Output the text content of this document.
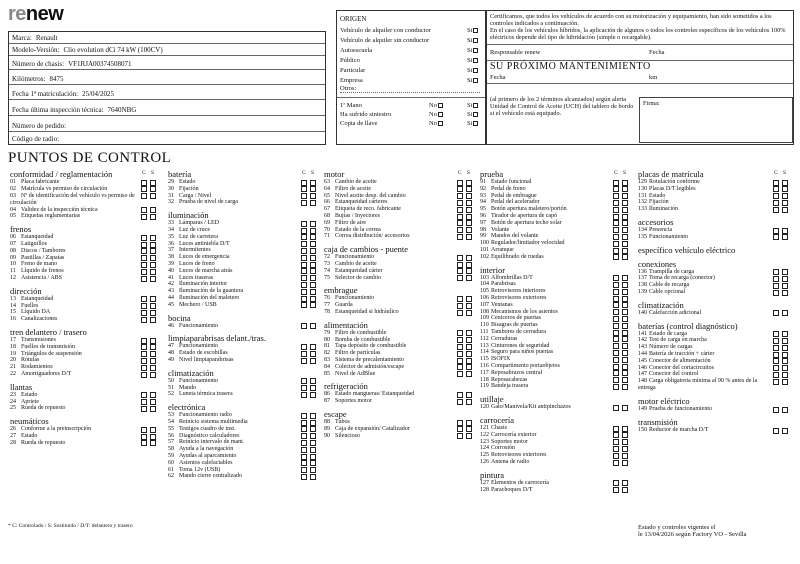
renew
Marca: Renault
Modelo-Versión: Clio evolution dCi 74 kW (100CV)
Número de chasis: VF1RJA00374508071
Kilómetros: 8475
Fecha 1ª matriculación: 25/04/2025
Fecha última inspección técnica: 7640NBG
Número de pedido:
Código de radio:
ORIGEN
Vehículo de alquiler con conductor	Si
Vehículo de alquiler sin conductor	Si
Autoescuela	Si
Público	Si
Particular	Si
Empresa	Si
Otros:
1ª Mano	No	Si
Ha sufrido siniestro	No	Si
Copia de llave	No	Si
Certificamos, que todos los vehículos de acuerdo con su motorización y equipamiento, han sido sometidos a los controles indicados a continuación.
En el caso de los vehículos híbridos, la aplicación de algunos o todos los controles específicos de los vehículos 100% eléctricos depende del tipo de hibridación (simple o recargable).
Responsable renew	Fecha
SU PRÓXIMO MANTENIMIENTO
Fecha	km
(al primero de los 2 términos alcanzados) según alerta Unidad de Control de Aceite (UCH) del tablero de bordo si el vehículo está equipado.
Firma:
PUNTOS DE CONTROL
conformidad / reglamentación	C S
01 Placa fabricante
02 Matrícula vs permiso de circulación
03 Nº de identificación del vehículo vs permiso de circulación
04 Validez de la inspección técnica
05 Etiquetas reglamentarias
frenos
06 Estanqueidad
07 Latiguillos
08 Discos / Tambores
09 Pastillas / Zapatas
10 Freno de mano
11 Líquido de frenos
12 Asistencia / ABS
dirección
13 Estanqueidad
14 Fuelles
15 Líquido DA
16 Canalizaciones
tren delantero / trasero
17 Transmisiones
18 Fuelles de transmisión
19 Triángulos de suspensión
20 Rótulas
21 Rodamientos
22 Amortiguadores D/T
llantas
23 Estado
24 Apriete
25 Rueda de repuesto
neumáticos
26 Conforme a la preinscripción
27 Estado
28 Rueda de repuesto
batería	C S
29 Estado
30 Fijación
31 Carga / Nivel
32 Prueba de nivel de carga
iluminación
33 Lámparas / LED
34 Luz de cruce
35 Luz de carretera
36 Luces antiniebla D/T
37 Intermitentes
38 Luces de emergencia
39 Luces de freno
40 Luces de marcha atrás
41 Luces traseras
42 Iluminación interior
43 Iluminación de la guantera
44 Iluminación del maletero
45 Mechero / USB
bocina
46 Funcionamiento
limpiaparabrisas delant./tras.
47 Funcionamiento
48 Estado de escobillas
49 Nivel limpiaparabrisas
climatización
50 Funcionamiento
51 Mando
52 Luneta térmica trasera
electrónica
53 Funcionamiento radio
54 Reinicio sistema multimedia
55 Testigos cuadro de inst.
56 Diagnóstico calculadores
57 Reinicio intervalo de mant.
58 Ayuda a la navegación
59 Ayudas al aparcamiento
60 Asientos calefactables
61 Toma 12v (USB)
62 Mando cierre centralizado
motor	C S
63 Cambio de aceite
64 Filtro de aceite
65 Nivel aceite desp. del cambio
66 Estanqueidad cárteres
67 Etiqueta de reco. fabricante
68 Bujías / Inyectores
69 Filtro de aire
70 Estado de la correa
71 Correa distribución/ accesorios
caja de cambios - puente
72 Funcionamiento
73 Cambio de aceite
74 Estanqueidad cárter
75 Selector de cambio
embrague
76 Funcionamiento
77 Guarda
78 Estanqueidad si hidráulico
alimentación
79 Filtro de combustible
80 Bomba de combustible
81 Tapa depósito de combustible
82 Filtro de partículas
83 Sistema de precalentamiento
84 Colector de admisión/escape
85 Nivel de AdBlue
refrigeración
86 Estado mangueras/ Estanqueidad
87 Soportes motor
escape
88 Tubos
89 Caja de expansión/ Catalizador
90 Silencioso
prueba	C S
91 Estado funcional
92 Pedal de freno
93 Pedal de embrague
94 Pedal del acelerador
95 Botón apertura maletero/portón
96 Tirador de apertura de capó
97 Botón de apertura techo solar
98 Volante
99 Mandos del volante
100 Regulador/limitador velocidad
101 Arranque
102 Equilibrado de ruedas
interior
103 Alfombrillas D/T
104 Parabrisas
105 Retrovisores interiores
106 Retrovisores exteriores
107 Ventanas
108 Mecanismos de los asientos
109 Ceniceros de puertas
110 Bisagras de puertas
111 Tambores de cerradura
112 Cerraduras
113 Cinturones de seguridad
114 Seguro para niños puertas
115 ISOFIX
116 Compartimento portaobjetos
117 Reposabrazos central
118 Reposacabezas
119 Bandeja trasera
utillaje
120 Gato/Manivela/Kit antipinchazos
carrocería
121 Chasis
122 Carrocería exterior
123 Soportes motor
124 Corrosión
125 Retrovisores exteriores
126 Antena de radio
pintura
127 Elementos de carrocería
128 Parachoques D/T
placas de matrícula	C S
129 Rotulación conforme
130 Placas D/T legibles
131 Estado
132 Fijación
133 Iluminación
accesorios
134 Presencia
135 Funcionamiento
específico vehículo eléctrico
conexiones
136 Trampilla de carga
137 Toma de recarga (conector)
138 Cable de recarga
139 Cable opcional
climatización
140 Calefacción adicional
baterías (control diagnóstico)
141 Estado de carga
142 Test de carga en marcha
143 Número de cargas
144 Batería de tracción + cárter
145 Conector de alimentación
146 Conector del cortacircuitos
147 Conector del control
148 Carga obligatoria mínima al 90 % antes de la entrega
motor eléctrico
149 Prueba de funcionamiento
transmisión
150 Reductor de marcha D/T
* C: Controlado / S: Sustituido / D/T: delantero y trasero	Estado y controles vigentes el
le 13/04/2026 según Factory VO - Sevilla
